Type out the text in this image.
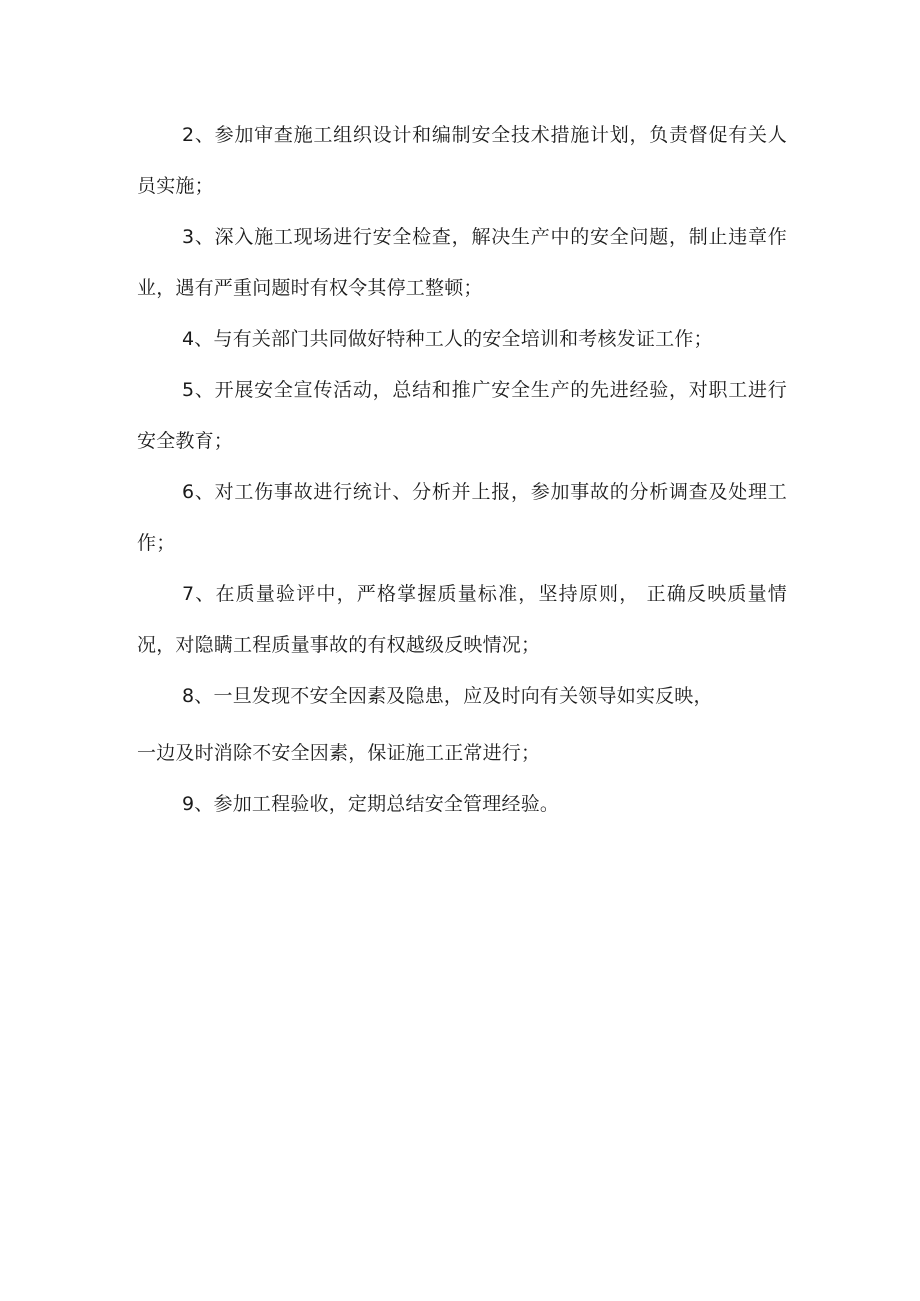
2、参加审查施工组织设计和编制安全技术措施计划，负责督促有关人员实施；

3、深入施工现场进行安全检查，解决生产中的安全问题，制止违章作业，遇有严重问题时有权令其停工整顿；

4、与有关部门共同做好特种工人的安全培训和考核发证工作；

5、开展安全宣传活动，总结和推广安全生产的先进经验，对职工进行安全教育；

6、对工伤事故进行统计、分析并上报，参加事故的分析调查及处理工作；

7、在质量验评中，严格掌握质量标准，坚持原则， 正确反映质量情况，对隐瞒工程质量事故的有权越级反映情况；

8、一旦发现不安全因素及隐患，应及时向有关领导如实反映，

一边及时消除不安全因素，保证施工正常进行；

9、参加工程验收，定期总结安全管理经验。
